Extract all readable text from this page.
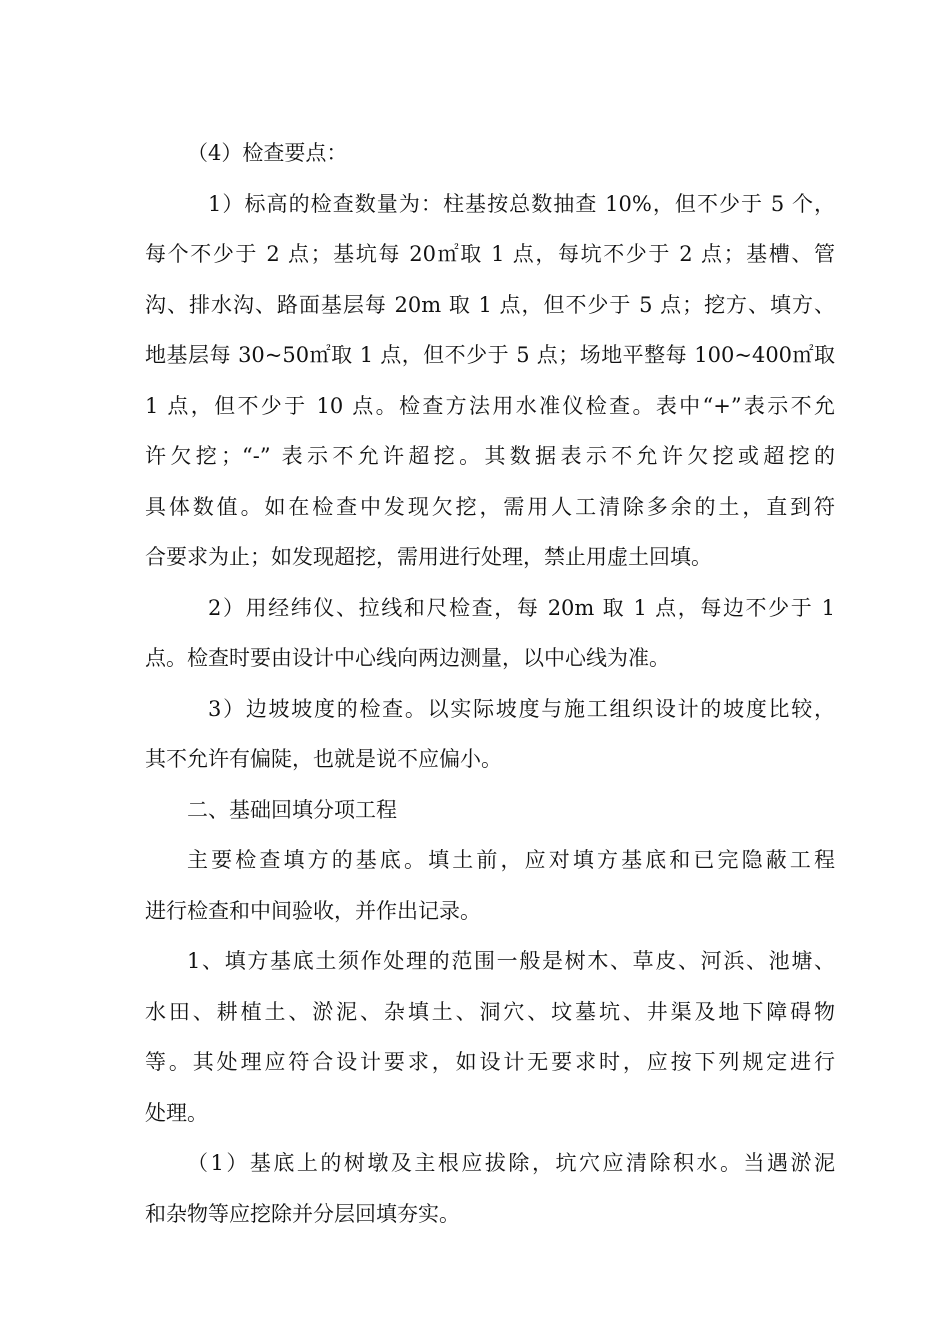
（4）检查要点：
1）标高的检查数量为：柱基按总数抽查 10%，但不少于 5 个，
每个不少于 2 点；基坑每 20㎡取 1 点，每坑不少于 2 点；基槽、管
沟、排水沟、路面基层每 20m 取 1 点，但不少于 5 点；挖方、填方、
地基层每 30~50㎡取 1 点，但不少于 5 点；场地平整每 100~400㎡取
1 点，但不少于 10 点。检查方法用水准仪检查。表中“+”表示不允
许欠挖；“-” 表示不允许超挖。其数据表示不允许欠挖或超挖的
具体数值。如在检查中发现欠挖，需用人工清除多余的土，直到符
合要求为止；如发现超挖，需用进行处理，禁止用虚土回填。
2）用经纬仪、拉线和尺检查，每 20m 取 1 点，每边不少于 1
点。检查时要由设计中心线向两边测量，以中心线为准。
3）边坡坡度的检查。以实际坡度与施工组织设计的坡度比较，
其不允许有偏陡，也就是说不应偏小。
二、基础回填分项工程
主要检查填方的基底。填土前，应对填方基底和已完隐蔽工程
进行检查和中间验收，并作出记录。
1、填方基底土须作处理的范围一般是树木、草皮、河浜、池塘、
水田、耕植土、淤泥、杂填土、洞穴、坟墓坑、井渠及地下障碍物
等。其处理应符合设计要求，如设计无要求时，应按下列规定进行
处理。
（1）基底上的树墩及主根应拔除，坑穴应清除积水。当遇淤泥
和杂物等应挖除并分层回填夯实。
